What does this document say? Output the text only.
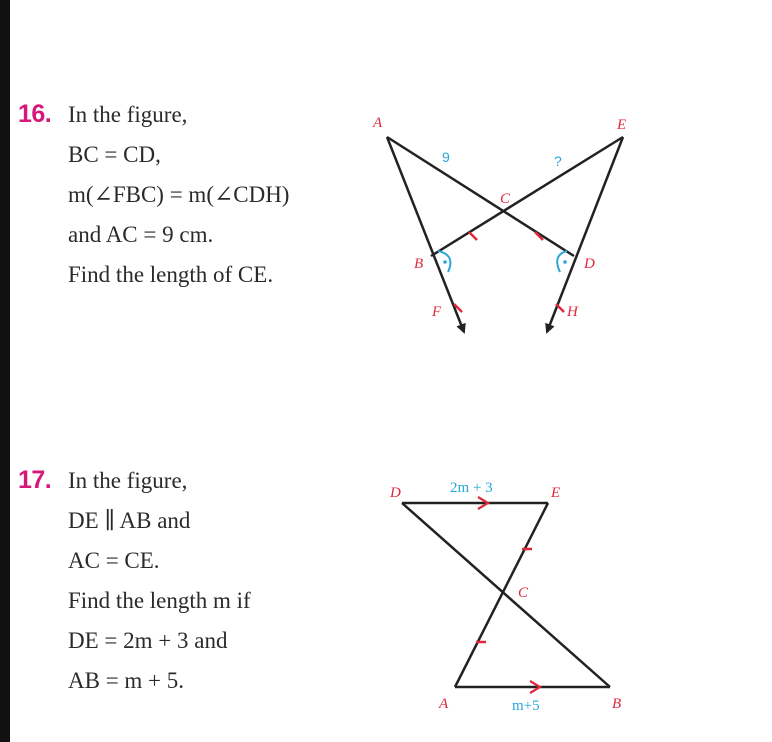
16. In the figure,
BC = CD,
m(∠FBC) = m(∠CDH)
and AC = 9 cm.
Find the length of CE.
A	E
C
B	D
F	H
9	?
17. In the figure,
DE ∥ AB and
AC = CE.
Find the length m if
DE = 2m + 3 and
AB = m + 5.
D	E
C
A	B
2m + 3
m+5
